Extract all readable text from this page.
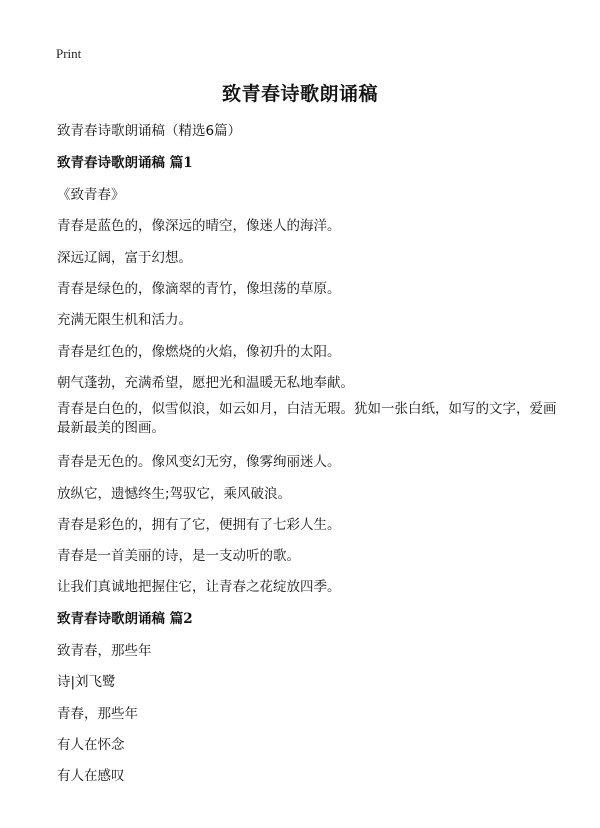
Print
致青春诗歌朗诵稿
致青春诗歌朗诵稿（精选6篇）
致青春诗歌朗诵稿 篇1
《致青春》
青春是蓝色的，像深远的晴空，像迷人的海洋。
深远辽阔，富于幻想。
青春是绿色的，像滴翠的青竹，像坦荡的草原。
充满无限生机和活力。
青春是红色的，像燃烧的火焰，像初升的太阳。
朝气蓬勃，充满希望，愿把光和温暖无私地奉献。
青春是白色的，似雪似浪，如云如月，白洁无瑕。犹如一张白纸，如写的文字，爱画最新最美的图画。
青春是无色的。像风变幻无穷，像雾绚丽迷人。
放纵它，遗憾终生;驾驭它，乘风破浪。
青春是彩色的，拥有了它，便拥有了七彩人生。
青春是一首美丽的诗，是一支动听的歌。
让我们真诚地把握住它，让青春之花绽放四季。
致青春诗歌朗诵稿 篇2
致青春，那些年
诗|刘飞鹭
青春，那些年
有人在怀念
有人在感叹
